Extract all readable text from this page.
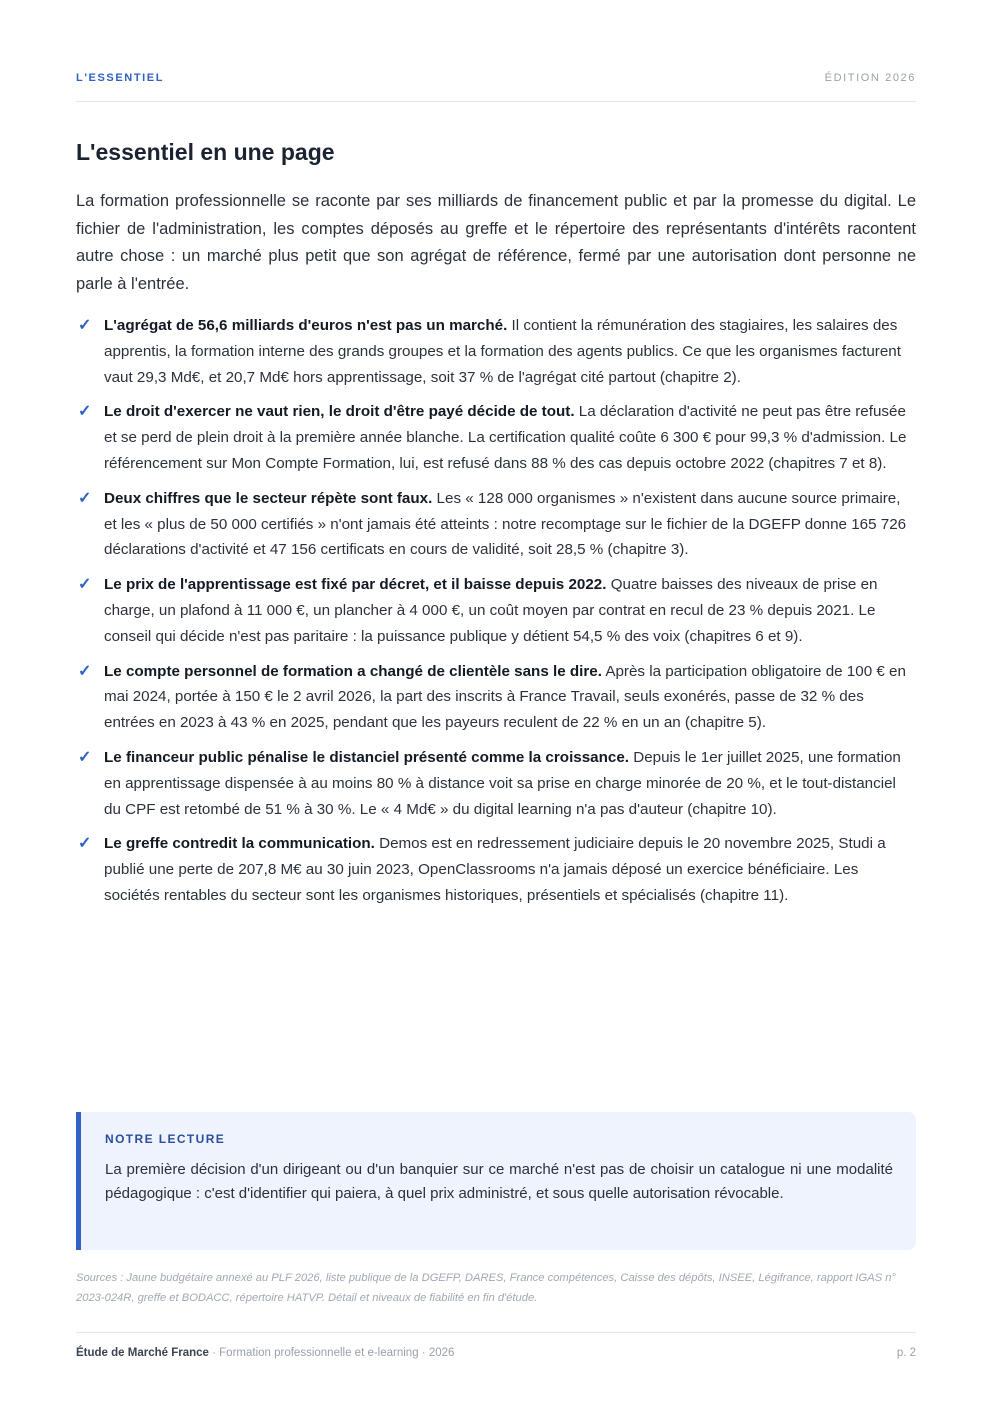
L'ESSENTIEL	ÉDITION 2026
L'essentiel en une page

La formation professionnelle se raconte par ses milliards de financement public et par la promesse du digital. Le fichier de l'administration, les comptes déposés au greffe et le répertoire des représentants d'intérêts racontent autre chose : un marché plus petit que son agrégat de référence, fermé par une autorisation dont personne ne parle à l'entrée.

✓ L'agrégat de 56,6 milliards d'euros n'est pas un marché. Il contient la rémunération des stagiaires, les salaires des apprentis, la formation interne des grands groupes et la formation des agents publics. Ce que les organismes facturent vaut 29,3 Md€, et 20,7 Md€ hors apprentissage, soit 37 % de l'agrégat cité partout (chapitre 2).
✓ Le droit d'exercer ne vaut rien, le droit d'être payé décide de tout. La déclaration d'activité ne peut pas être refusée et se perd de plein droit à la première année blanche. La certification qualité coûte 6 300 € pour 99,3 % d'admission. Le référencement sur Mon Compte Formation, lui, est refusé dans 88 % des cas depuis octobre 2022 (chapitres 7 et 8).
✓ Deux chiffres que le secteur répète sont faux. Les « 128 000 organismes » n'existent dans aucune source primaire, et les « plus de 50 000 certifiés » n'ont jamais été atteints : notre recomptage sur le fichier de la DGEFP donne 165 726 déclarations d'activité et 47 156 certificats en cours de validité, soit 28,5 % (chapitre 3).
✓ Le prix de l'apprentissage est fixé par décret, et il baisse depuis 2022. Quatre baisses des niveaux de prise en charge, un plafond à 11 000 €, un plancher à 4 000 €, un coût moyen par contrat en recul de 23 % depuis 2021. Le conseil qui décide n'est pas paritaire : la puissance publique y détient 54,5 % des voix (chapitres 6 et 9).
✓ Le compte personnel de formation a changé de clientèle sans le dire. Après la participation obligatoire de 100 € en mai 2024, portée à 150 € le 2 avril 2026, la part des inscrits à France Travail, seuls exonérés, passe de 32 % des entrées en 2023 à 43 % en 2025, pendant que les payeurs reculent de 22 % en un an (chapitre 5).
✓ Le financeur public pénalise le distanciel présenté comme la croissance. Depuis le 1er juillet 2025, une formation en apprentissage dispensée à au moins 80 % à distance voit sa prise en charge minorée de 20 %, et le tout-distanciel du CPF est retombé de 51 % à 30 %. Le « 4 Md€ » du digital learning n'a pas d'auteur (chapitre 10).
✓ Le greffe contredit la communication. Demos est en redressement judiciaire depuis le 20 novembre 2025, Studi a publié une perte de 207,8 M€ au 30 juin 2023, OpenClassrooms n'a jamais déposé un exercice bénéficiaire. Les sociétés rentables du secteur sont les organismes historiques, présentiels et spécialisés (chapitre 11).
NOTRE LECTURE

La première décision d'un dirigeant ou d'un banquier sur ce marché n'est pas de choisir un catalogue ni une modalité pédagogique : c'est d'identifier qui paiera, à quel prix administré, et sous quelle autorisation révocable.

Sources : Jaune budgétaire annexé au PLF 2026, liste publique de la DGEFP, DARES, France compétences, Caisse des dépôts, INSEE, Légifrance, rapport IGAS n° 2023-024R, greffe et BODACC, répertoire HATVP. Détail et niveaux de fiabilité en fin d'étude.

Étude de Marché France · Formation professionnelle et e-learning · 2026	p. 2
